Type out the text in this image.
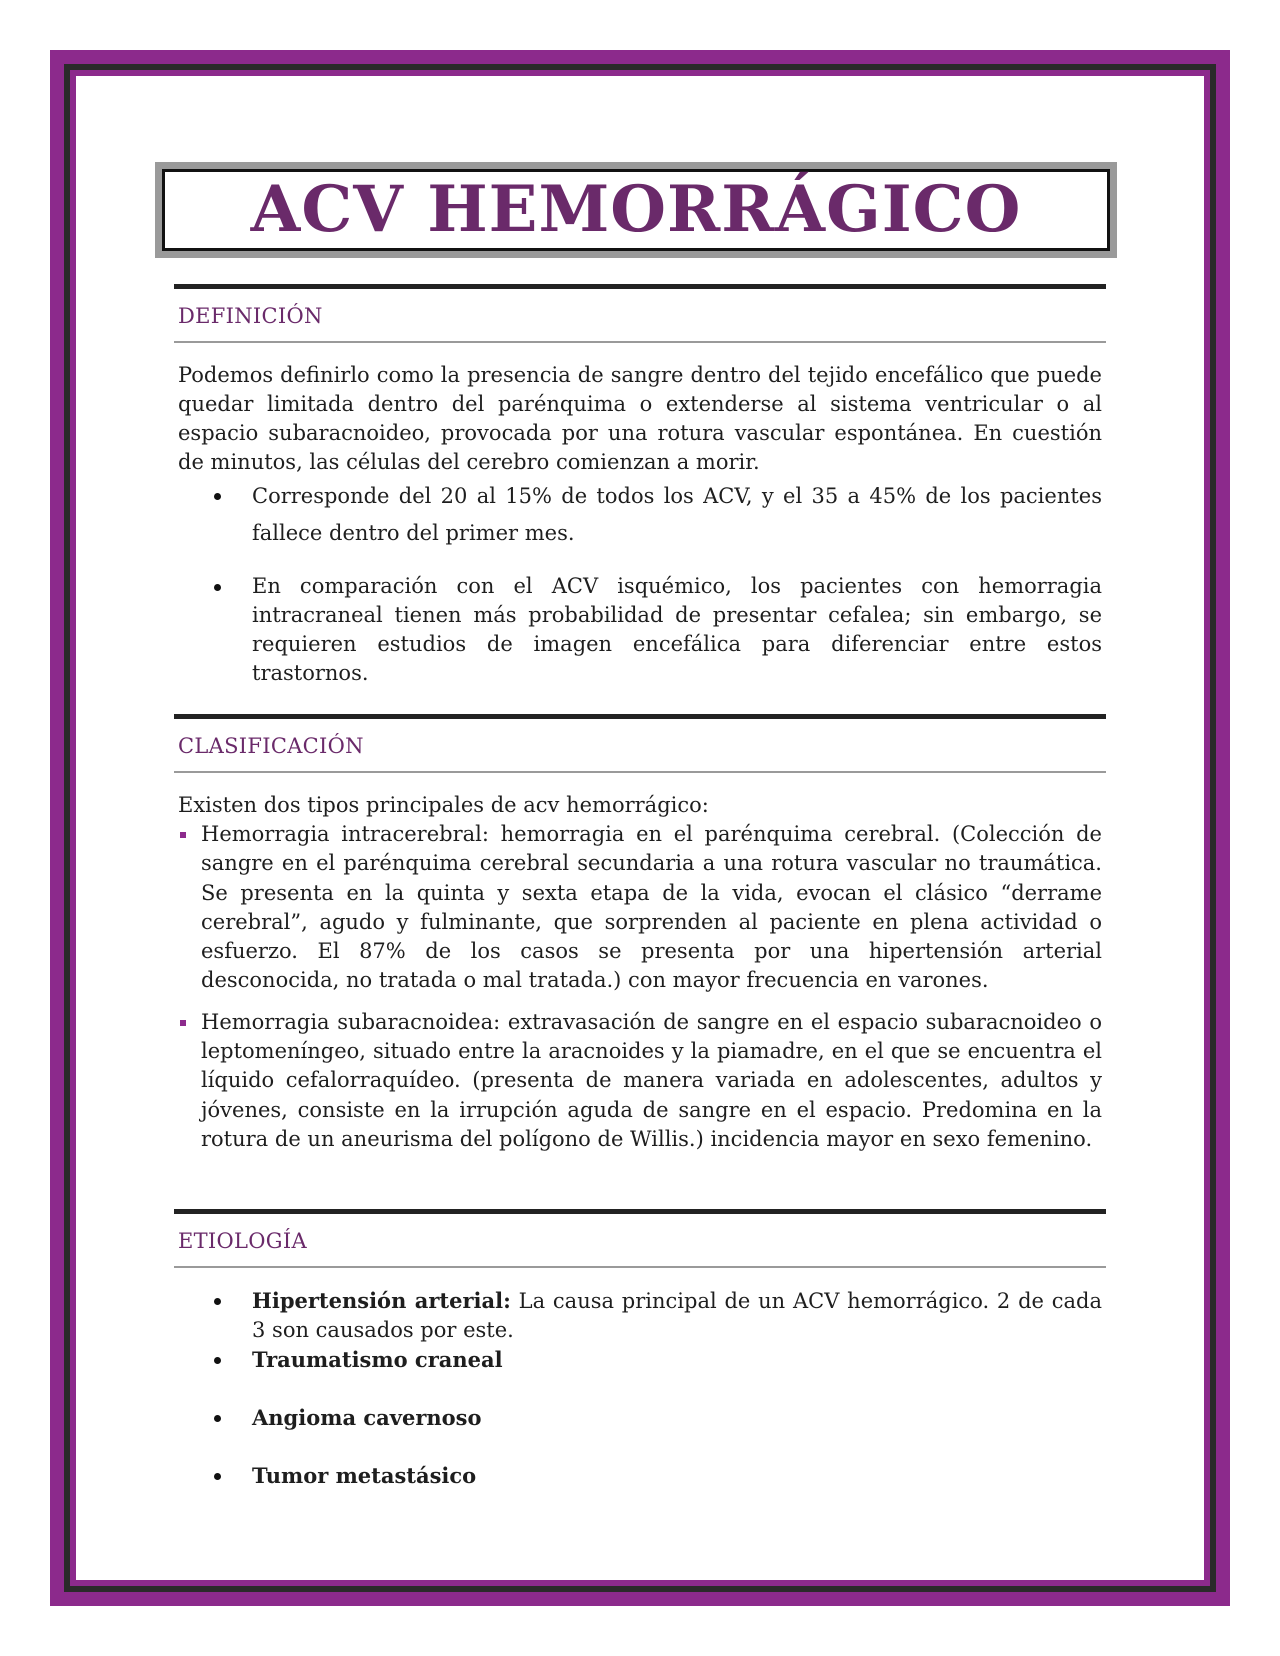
ACV HEMORRÁGICO
DEFINICIÓN
Podemos definirlo como la presencia de sangre dentro del tejido encefálico que puede quedar limitada dentro del parénquima o extenderse al sistema ventricular o al espacio subaracnoideo, provocada por una rotura vascular espontánea. En cuestión de minutos, las células del cerebro comienzan a morir.
Corresponde del 20 al 15% de todos los ACV, y el 35 a 45% de los pacientes fallece dentro del primer mes.
En comparación con el ACV isquémico, los pacientes con hemorragia intracraneal tienen más probabilidad de presentar cefalea; sin embargo, se requieren estudios de imagen encefálica para diferenciar entre estos trastornos.
CLASIFICACIÓN
Existen dos tipos principales de acv hemorrágico:
Hemorragia intracerebral: hemorragia en el parénquima cerebral. (Colección de sangre en el parénquima cerebral secundaria a una rotura vascular no traumática. Se presenta en la quinta y sexta etapa de la vida, evocan el clásico “derrame cerebral”, agudo y fulminante, que sorprenden al paciente en plena actividad o esfuerzo. El 87% de los casos se presenta por una hipertensión arterial desconocida, no tratada o mal tratada.) con mayor frecuencia en varones.
Hemorragia subaracnoidea: extravasación de sangre en el espacio subaracnoideo o leptomeníngeo, situado entre la aracnoides y la piamadre, en el que se encuentra el líquido cefalorraquídeo. (presenta de manera variada en adolescentes, adultos y jóvenes, consiste en la irrupción aguda de sangre en el espacio. Predomina en la rotura de un aneurisma del polígono de Willis.) incidencia mayor en sexo femenino.
ETIOLOGÍA
Hipertensión arterial: La causa principal de un ACV hemorrágico. 2 de cada 3 son causados por este.
Traumatismo craneal
Angioma cavernoso
Tumor metastásico
